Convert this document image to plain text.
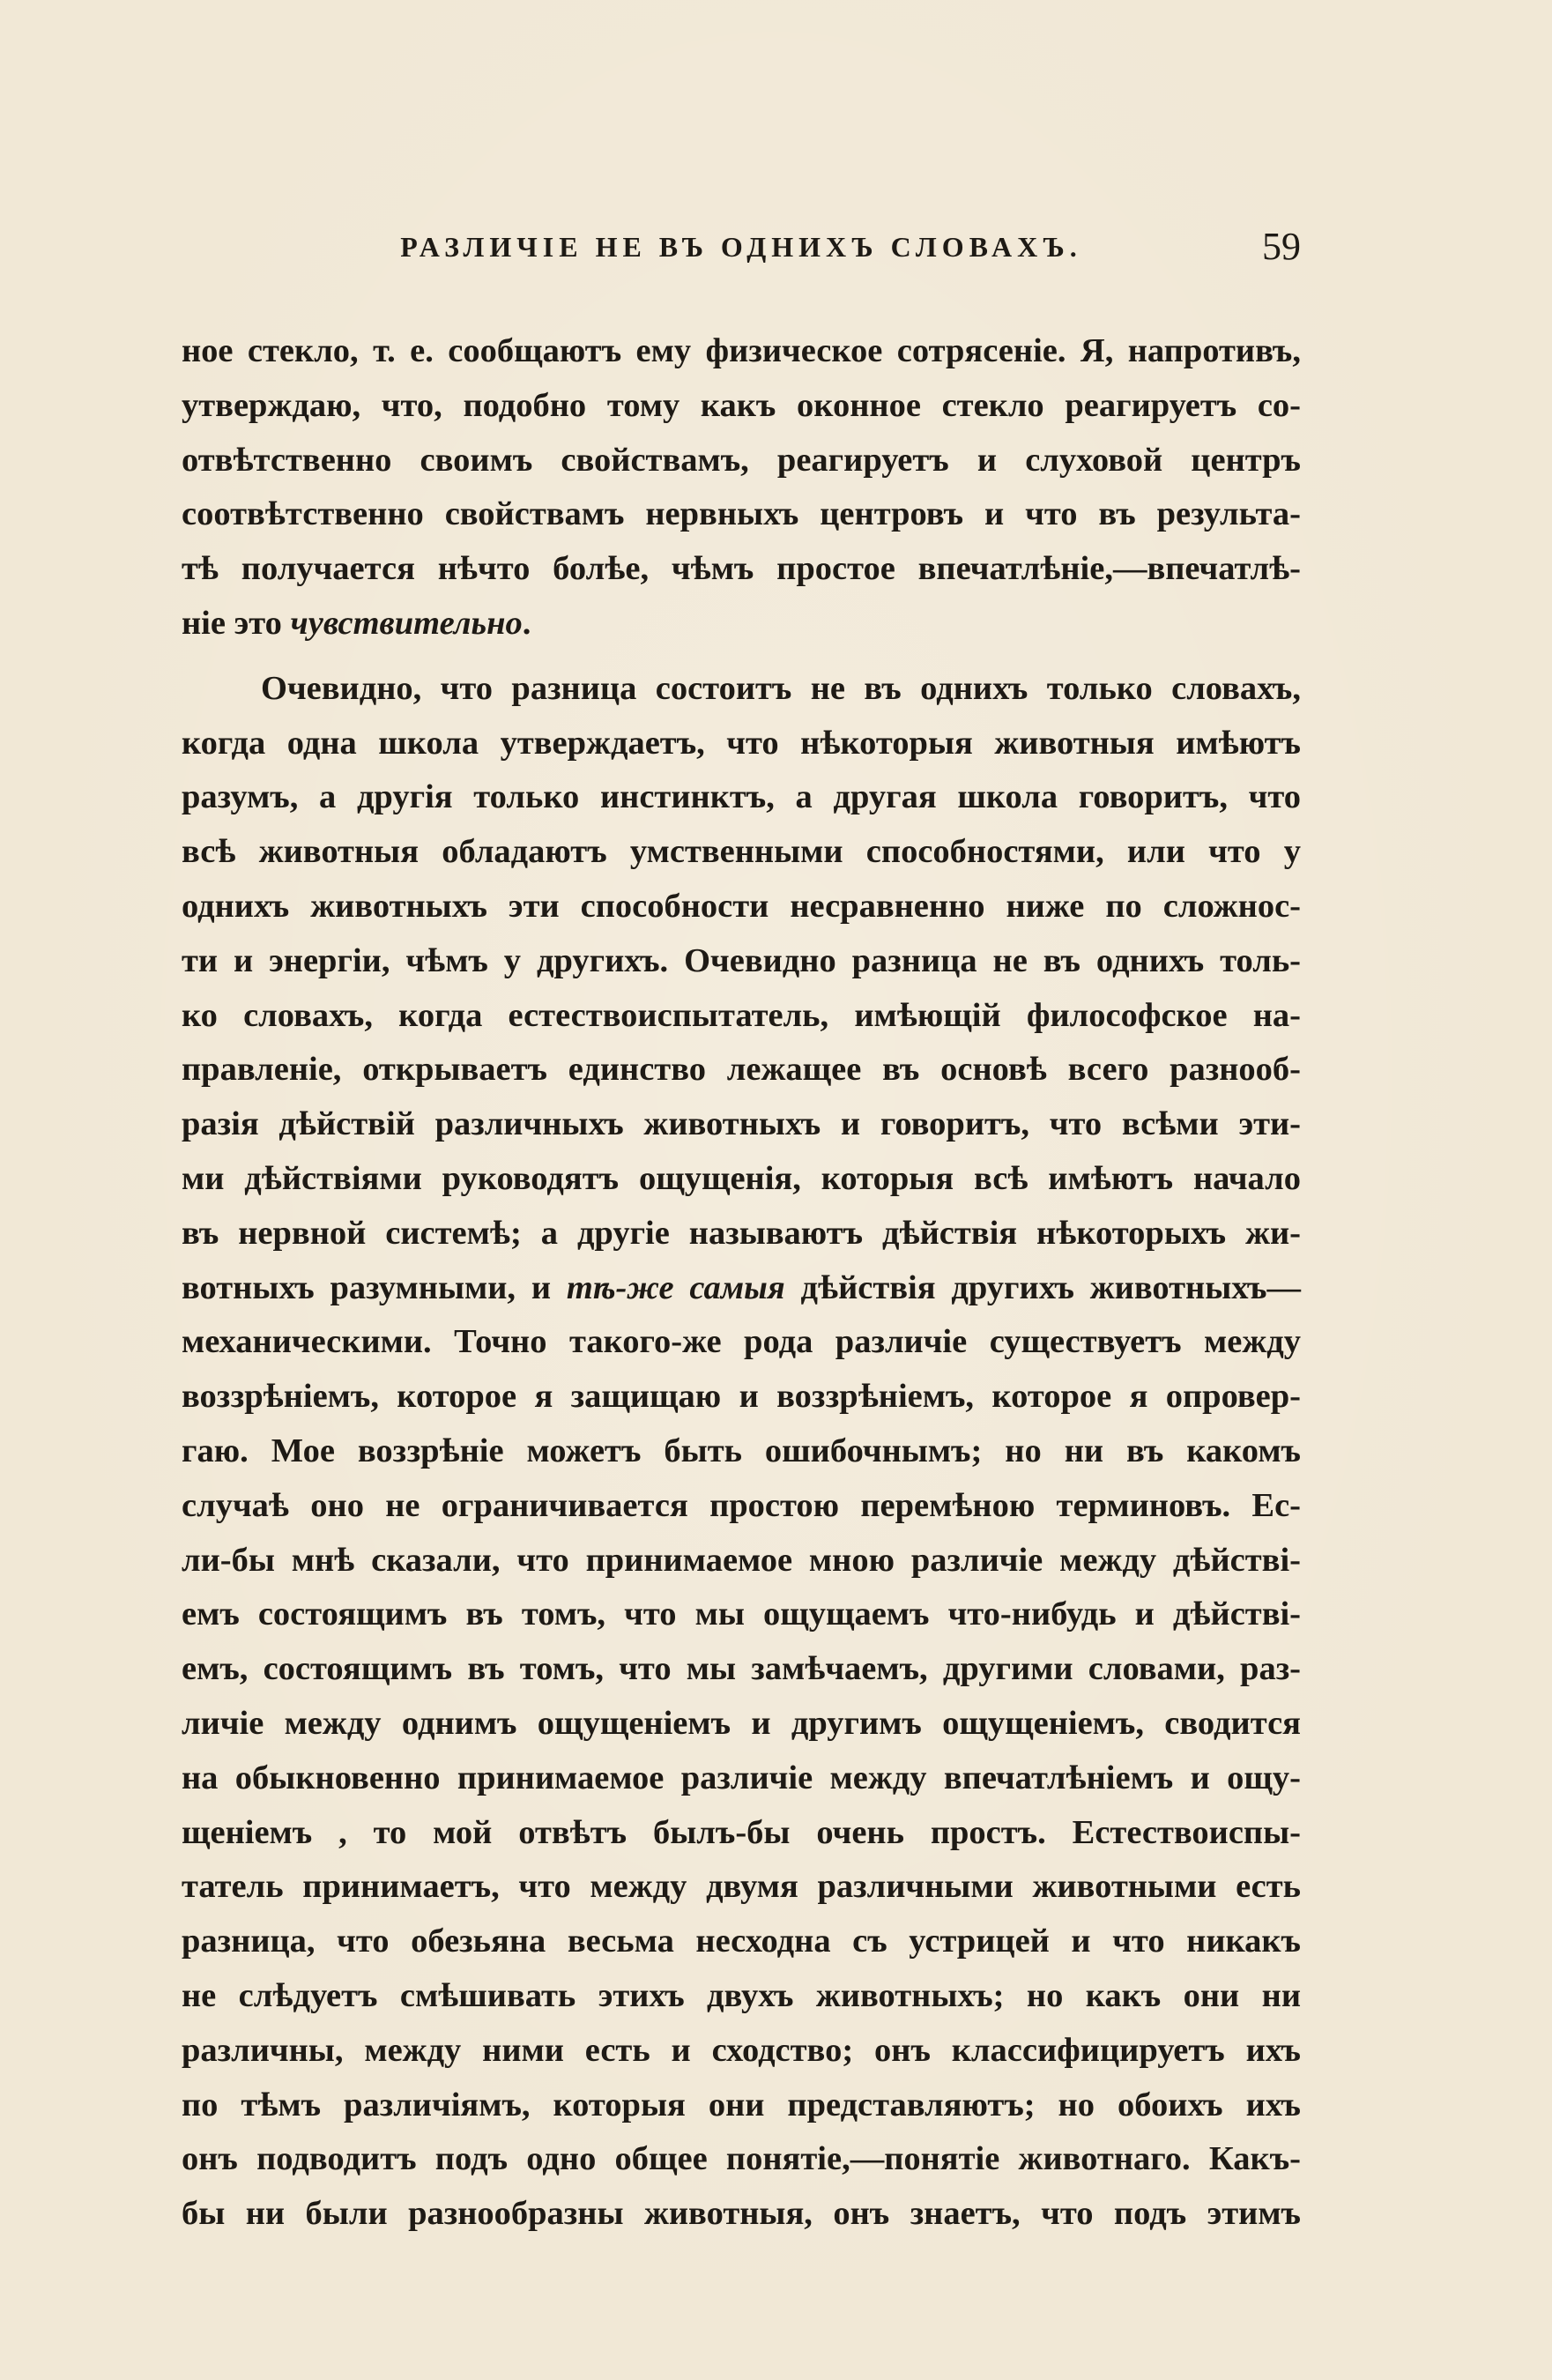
РАЗЛИЧІЕ НЕ ВЪ ОДНИХЪ СЛОВАХЪ.	59
ное стекло, т. е. сообщаютъ ему физическое сотрясеніе. Я, напротивъ,
утверждаю, что, подобно тому какъ оконное стекло реагируетъ со-
отвѣтственно своимъ свойствамъ, реагируетъ и слуховой центръ
соотвѣтственно свойствамъ нервныхъ центровъ и что въ результа-
тѣ получается нѣчто болѣе, чѣмъ простое впечатлѣніе,—впечатлѣ-
ніе это чувствительно.
Очевидно, что разница состоитъ не въ однихъ только словахъ,
когда одна школа утверждаетъ, что нѣкоторыя животныя имѣютъ
разумъ, а другія только инстинктъ, а другая школа говоритъ, что
всѣ животныя обладаютъ умственными способностями, или что у
однихъ животныхъ эти способности несравненно ниже по сложнос-
ти и энергіи, чѣмъ у другихъ. Очевидно разница не въ однихъ толь-
ко словахъ, когда естествоиспытатель, имѣющій философское на-
правленіе, открываетъ единство лежащее въ основѣ всего разнооб-
разія дѣйствій различныхъ животныхъ и говоритъ, что всѣми эти-
ми дѣйствіями руководятъ ощущенія, которыя всѣ имѣютъ начало
въ нервной системѣ; а другіе называютъ дѣйствія нѣкоторыхъ жи-
вотныхъ разумными, и тѣ-же самыя дѣйствія другихъ животныхъ—
механическими. Точно такого-же рода различіе существуетъ между
воззрѣніемъ, которое я защищаю и воззрѣніемъ, которое я опровер-
гаю. Мое воззрѣніе можетъ быть ошибочнымъ; но ни въ какомъ
случаѣ оно не ограничивается простою перемѣною терминовъ. Ес-
ли-бы мнѣ сказали, что принимаемое мною различіе между дѣйстві-
емъ состоящимъ въ томъ, что мы ощущаемъ что-нибудь и дѣйстві-
емъ, состоящимъ въ томъ, что мы замѣчаемъ, другими словами, раз-
личіе между однимъ ощущеніемъ и другимъ ощущеніемъ, сводится
на обыкновенно принимаемое различіе между впечатлѣніемъ и ощу-
щеніемъ , то мой отвѣтъ былъ-бы очень простъ. Естествоиспы-
татель принимаетъ, что между двумя различными животными есть
разница, что обезьяна весьма несходна съ устрицей и что никакъ
не слѣдуетъ смѣшивать этихъ двухъ животныхъ; но какъ они ни
различны, между ними есть и сходство; онъ классифицируетъ ихъ
по тѣмъ различіямъ, которыя они представляютъ; но обоихъ ихъ
онъ подводитъ подъ одно общее понятіе,—понятіе животнаго. Какъ-
бы ни были разнообразны животныя, онъ знаетъ, что подъ этимъ
